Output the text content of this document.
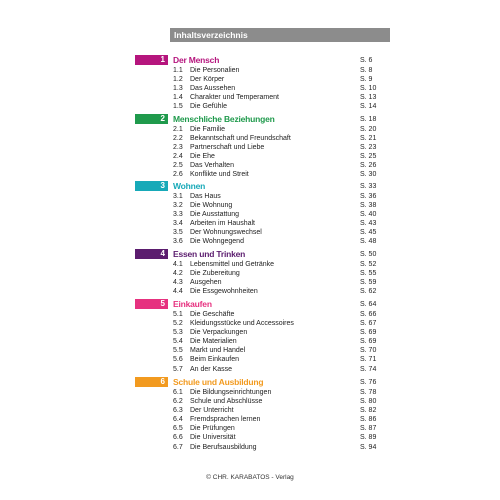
Inhaltsverzeichnis
1 Der Mensch	S. 6
1.1 Die Personalien	S. 8
1.2 Der Körper	S. 9
1.3 Das Aussehen	S. 10
1.4 Charakter und Temperament	S. 13
1.5 Die Gefühle	S. 14
2 Menschliche Beziehungen	S. 18
2.1 Die Familie	S. 20
2.2 Bekanntschaft und Freundschaft	S. 21
2.3 Partnerschaft und Liebe	S. 23
2.4 Die Ehe	S. 25
2.5 Das Verhalten	S. 26
2.6 Konflikte und Streit	S. 30
3 Wohnen	S. 33
3.1 Das Haus	S. 36
3.2 Die Wohnung	S. 38
3.3 Die Ausstattung	S. 40
3.4 Arbeiten im Haushalt	S. 43
3.5 Der Wohnungswechsel	S. 45
3.6 Die Wohngegend	S. 48
4 Essen und Trinken	S. 50
4.1 Lebensmittel und Getränke	S. 52
4.2 Die Zubereitung	S. 55
4.3 Ausgehen	S. 59
4.4 Die Essgewohnheiten	S. 62
5 Einkaufen	S. 64
5.1 Die Geschäfte	S. 66
5.2 Kleidungsstücke und Accessoires	S. 67
5.3 Die Verpackungen	S. 69
5.4 Die Materialien	S. 69
5.5 Markt und Handel	S. 70
5.6 Beim Einkaufen	S. 71
5.7 An der Kasse	S. 74
6 Schule und Ausbildung	S. 76
6.1 Die Bildungseinrichtungen	S. 78
6.2 Schule und Abschlüsse	S. 80
6.3 Der Unterricht	S. 82
6.4 Fremdsprachen lernen	S. 86
6.5 Die Prüfungen	S. 87
6.6 Die Universität	S. 89
6.7 Die Berufsausbildung	S. 94
© CHR. KARABATOS - Verlag
